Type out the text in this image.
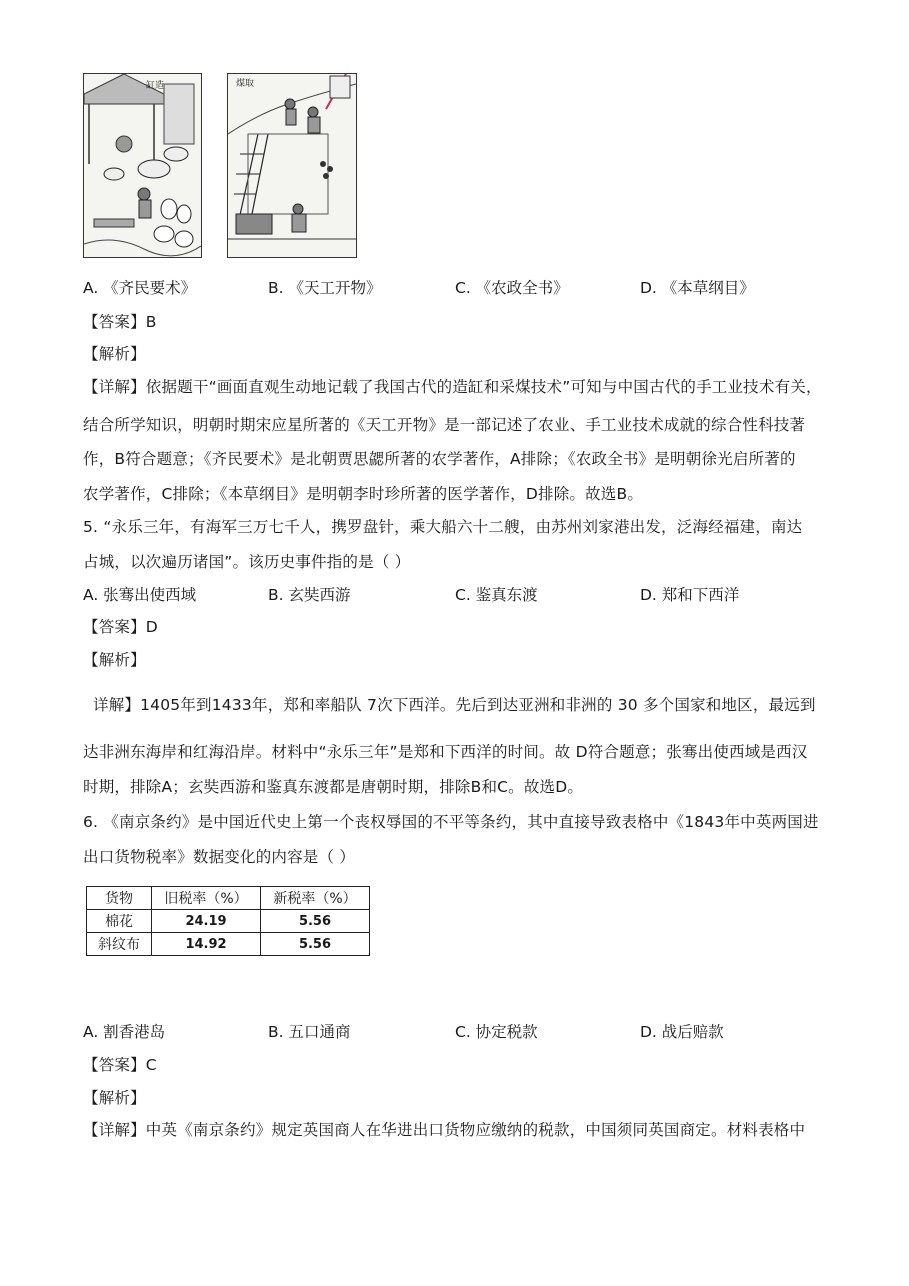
缸造	煤取
A. 《齐民要术》	B. 《天工开物》	C. 《农政全书》	D. 《本草纲目》
【答案】B
【解析】
【详解】依据题干“画面直观生动地记载了我国古代的造缸和采煤技术”可知与中国古代的手工业技术有关，
结合所学知识，明朝时期宋应星所著的《天工开物》是一部记述了农业、手工业技术成就的综合性科技著
作，B符合题意；《齐民要术》是北朝贾思勰所著的农学著作，A排除；《农政全书》是明朝徐光启所著的
农学著作，C排除；《本草纲目》是明朝李时珍所著的医学著作，D排除。故选B。
5. “永乐三年，有海军三万七千人，携罗盘针，乘大船六十二艘，由苏州刘家港出发，泛海经福建，南达
占城，以次遍历诸国”。该历史事件指的是（ ）
A. 张骞出使西域	B. 玄奘西游	C. 鉴真东渡	D. 郑和下西洋
【答案】D
【解析】
详解】1405年到1433年，郑和率船队 7次下西洋。先后到达亚洲和非洲的 30 多个国家和地区，最远到
达非洲东海岸和红海沿岸。材料中“永乐三年”是郑和下西洋的时间。故 D符合题意；张骞出使西域是西汉
时期，排除A；玄奘西游和鉴真东渡都是唐朝时期，排除B和C。故选D。
6. 《南京条约》是中国近代史上第一个丧权辱国的不平等条约，其中直接导致表格中《1843年中英两国进
出口货物税率》数据变化的内容是（ ）
货物	旧税率（%）	新税率（%）
棉花	24.19	5.56
斜纹布	14.92	5.56
A. 割香港岛	B. 五口通商	C. 协定税款	D. 战后赔款
【答案】C
【解析】
【详解】中英《南京条约》规定英国商人在华进出口货物应缴纳的税款，中国须同英国商定。材料表格中
